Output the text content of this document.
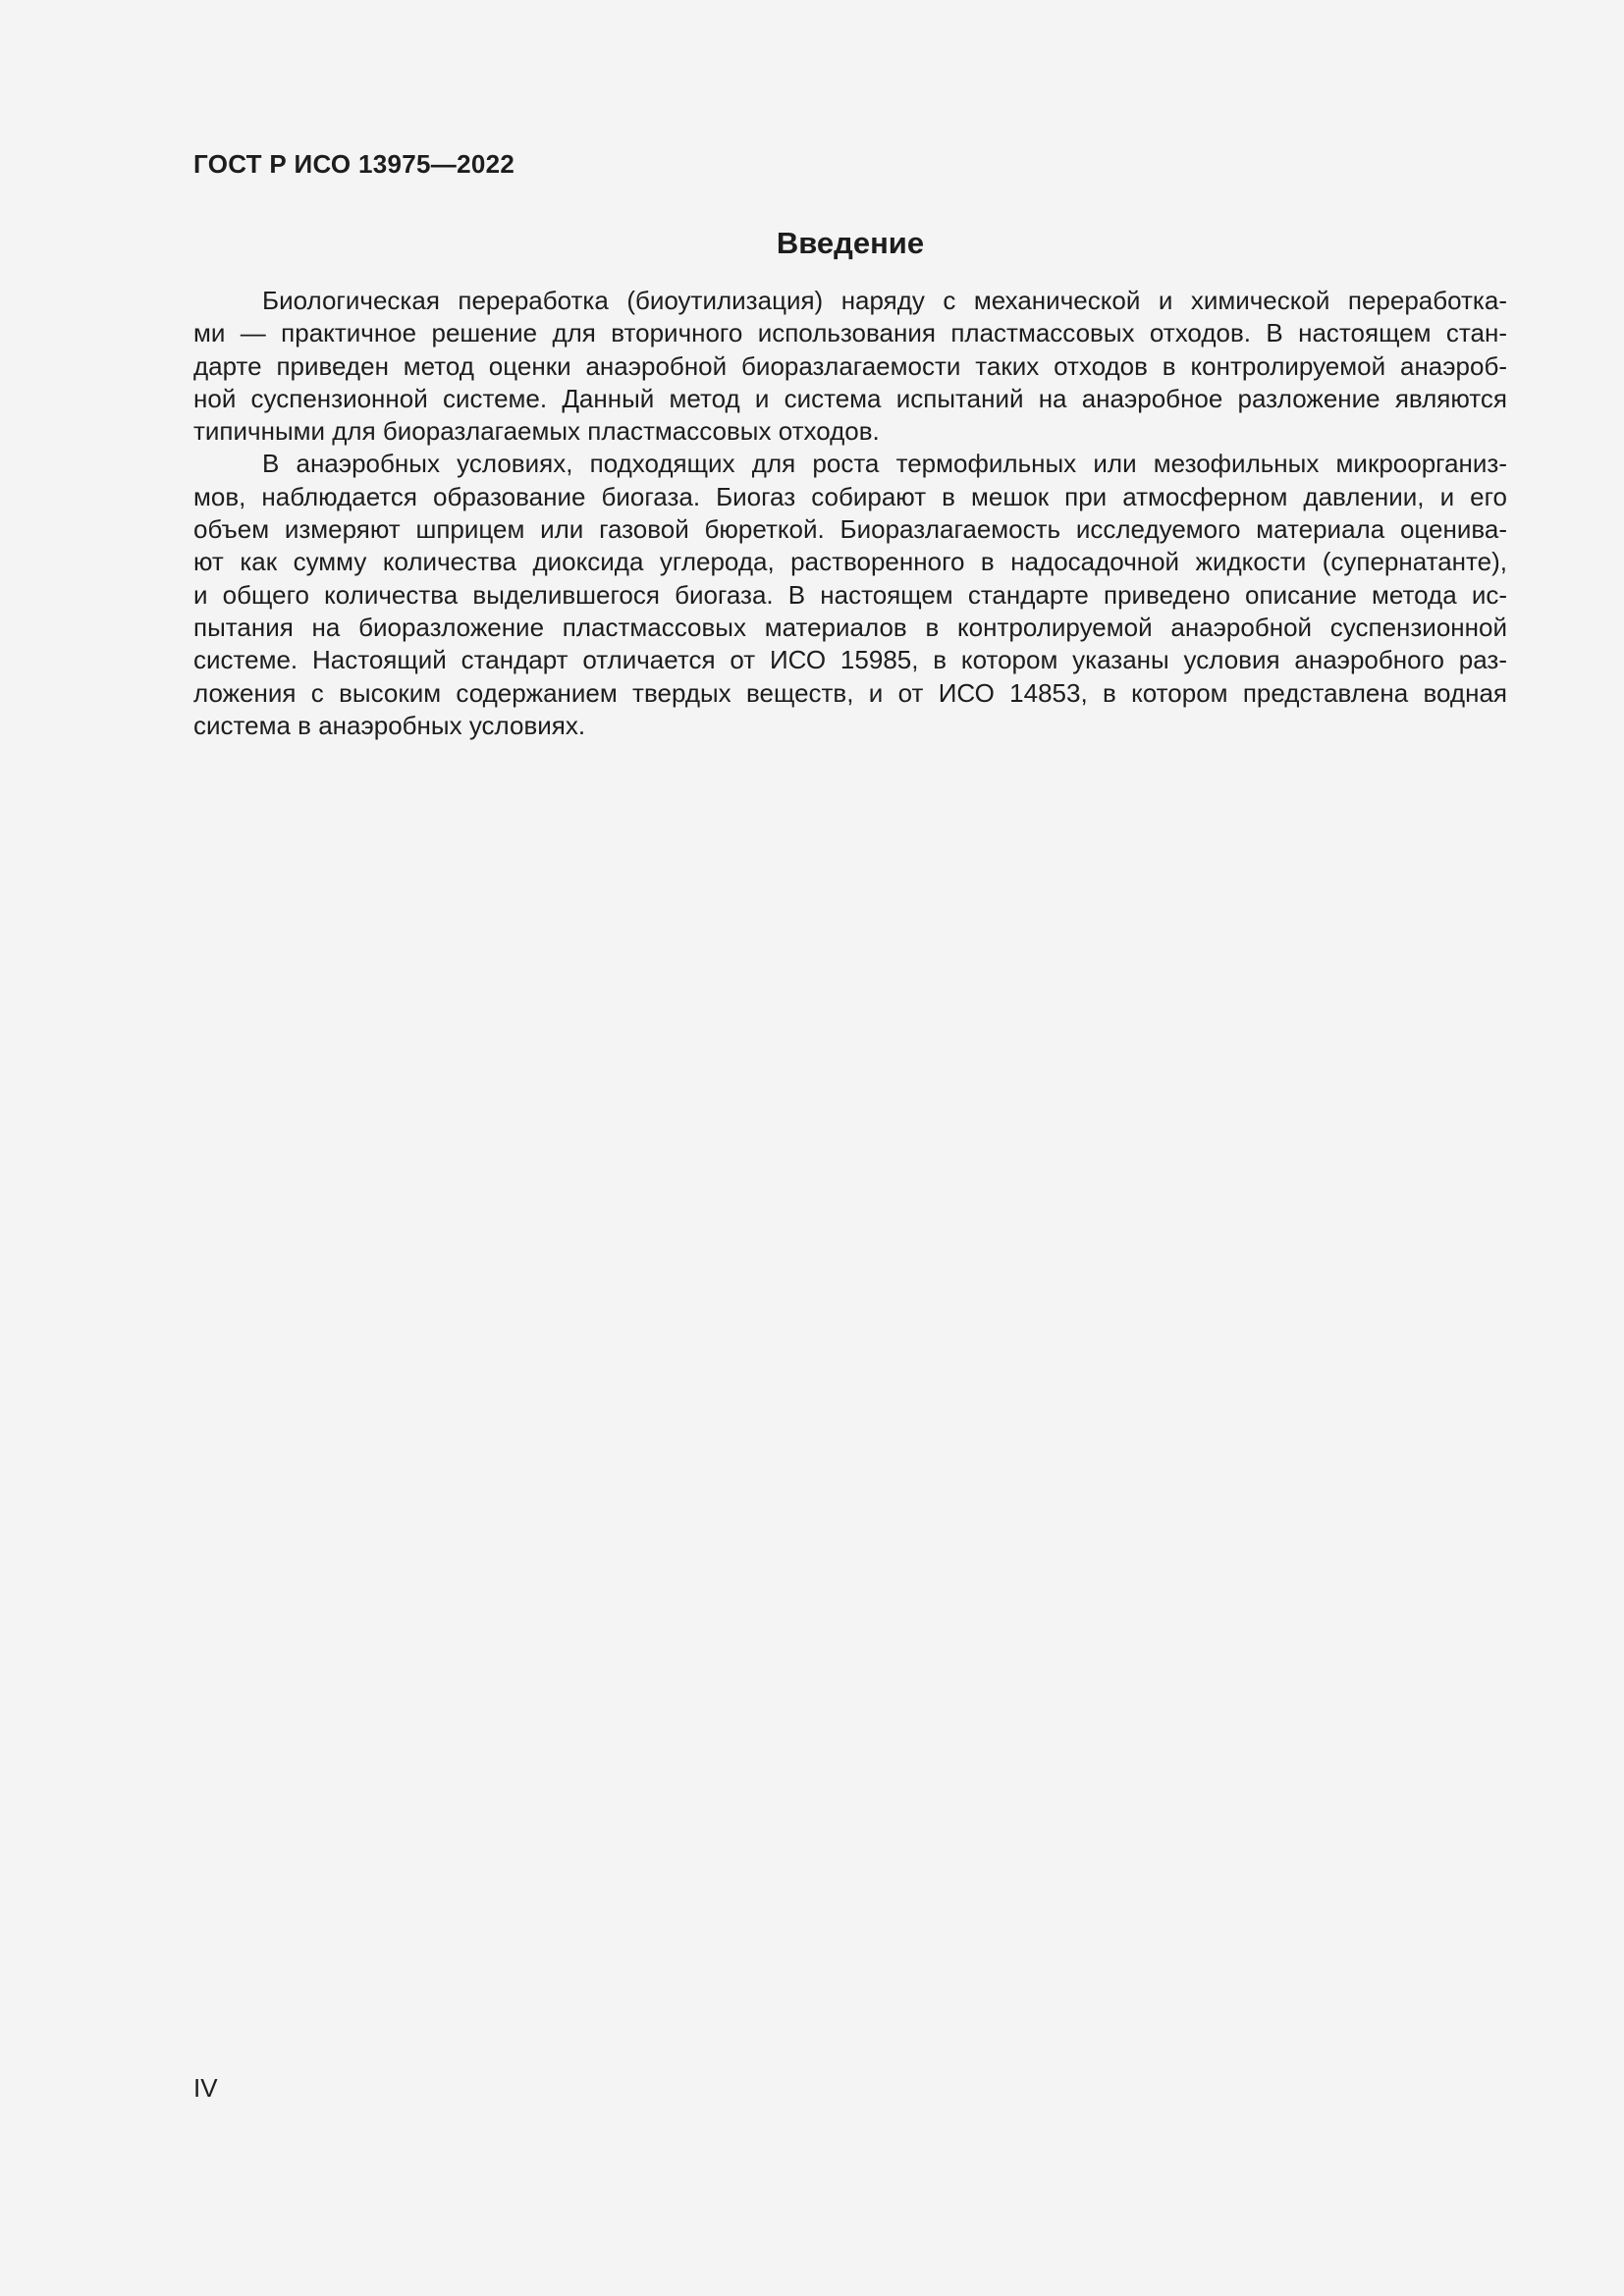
ГОСТ Р ИСО 13975—2022
Введение

Биологическая переработка (биоутилизация) наряду с механической и химической переработка-
ми — практичное решение для вторичного использования пластмассовых отходов. В настоящем стан-
дарте приведен метод оценки анаэробной биоразлагаемости таких отходов в контролируемой анаэроб-
ной суспензионной системе. Данный метод и система испытаний на анаэробное разложение являются
типичными для биоразлагаемых пластмассовых отходов.

В анаэробных условиях, подходящих для роста термофильных или мезофильных микроорганиз-
мов, наблюдается образование биогаза. Биогаз собирают в мешок при атмосферном давлении, и его
объем измеряют шприцем или газовой бюреткой. Биоразлагаемость исследуемого материала оценива-
ют как сумму количества диоксида углерода, растворенного в надосадочной жидкости (супернатанте),
и общего количества выделившегося биогаза. В настоящем стандарте приведено описание метода ис-
пытания на биоразложение пластмассовых материалов в контролируемой анаэробной суспензионной
системе. Настоящий стандарт отличается от ИСО 15985, в котором указаны условия анаэробного раз-
ложения с высоким содержанием твердых веществ, и от ИСО 14853, в котором представлена водная
система в анаэробных условиях.

IV
